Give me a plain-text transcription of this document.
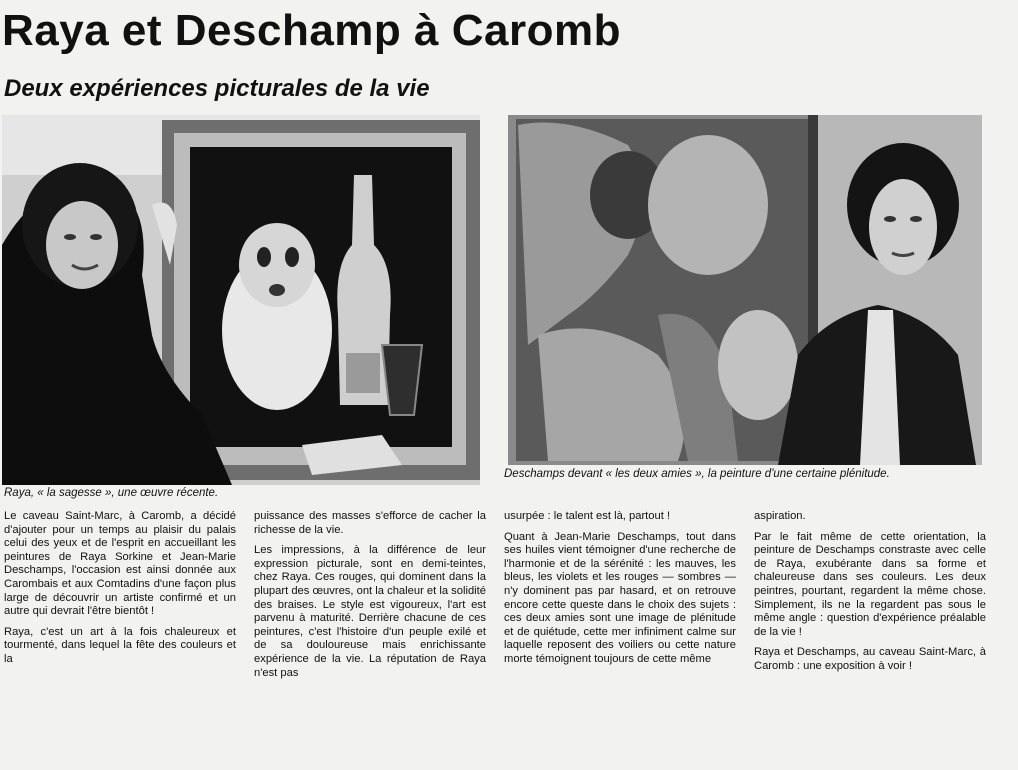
Raya et Deschamp à Caromb
Deux expériences picturales de la vie

Raya, « la sagesse », une œuvre récente.

Deschamps devant « les deux amies », la peinture d'une certaine plénitude.

Le caveau Saint-Marc, à Caromb, a décidé d'ajouter pour un temps au plaisir du palais celui des yeux et de l'esprit en accueillant les peintures de Raya Sorkine et Jean-Marie Deschamps, l'occasion est ainsi donnée aux Carombais et aux Comtadins d'une façon plus large de découvrir un artiste confirmé et un autre qui devrait l'être bientôt !

Raya, c'est un art à la fois chaleureux et tourmenté, dans lequel la fête des couleurs et la

puissance des masses s'efforce de cacher la richesse de la vie.

Les impressions, à la différence de leur expression picturale, sont en demi-teintes, chez Raya. Ces rouges, qui dominent dans la plupart des œuvres, ont la chaleur et la solidité des braises. Le style est vigoureux, l'art est parvenu à maturité. Derrière chacune de ces peintures, c'est l'histoire d'un peuple exilé et de sa douloureuse mais enrichissante expérience de la vie. La réputation de Raya n'est pas

usurpée : le talent est là, partout !

Quant à Jean-Marie Deschamps, tout dans ses huiles vient témoigner d'une recherche de l'harmonie et de la sérénité : les mauves, les bleus, les violets et les rouges — sombres — n'y dominent pas par hasard, et on retrouve encore cette queste dans le choix des sujets : ces deux amies sont une image de plénitude et de quiétude, cette mer infiniment calme sur laquelle reposent des voiliers ou cette nature morte témoignent toujours de cette même

aspiration.

Par le fait même de cette orientation, la peinture de Deschamps constraste avec celle de Raya, exubérante dans sa forme et chaleureuse dans ses couleurs. Les deux peintres, pourtant, regardent la même chose. Simplement, ils ne la regardent pas sous le même angle : question d'expérience préalable de la vie !

Raya et Deschamps, au caveau Saint-Marc, à Caromb : une exposition à voir !
